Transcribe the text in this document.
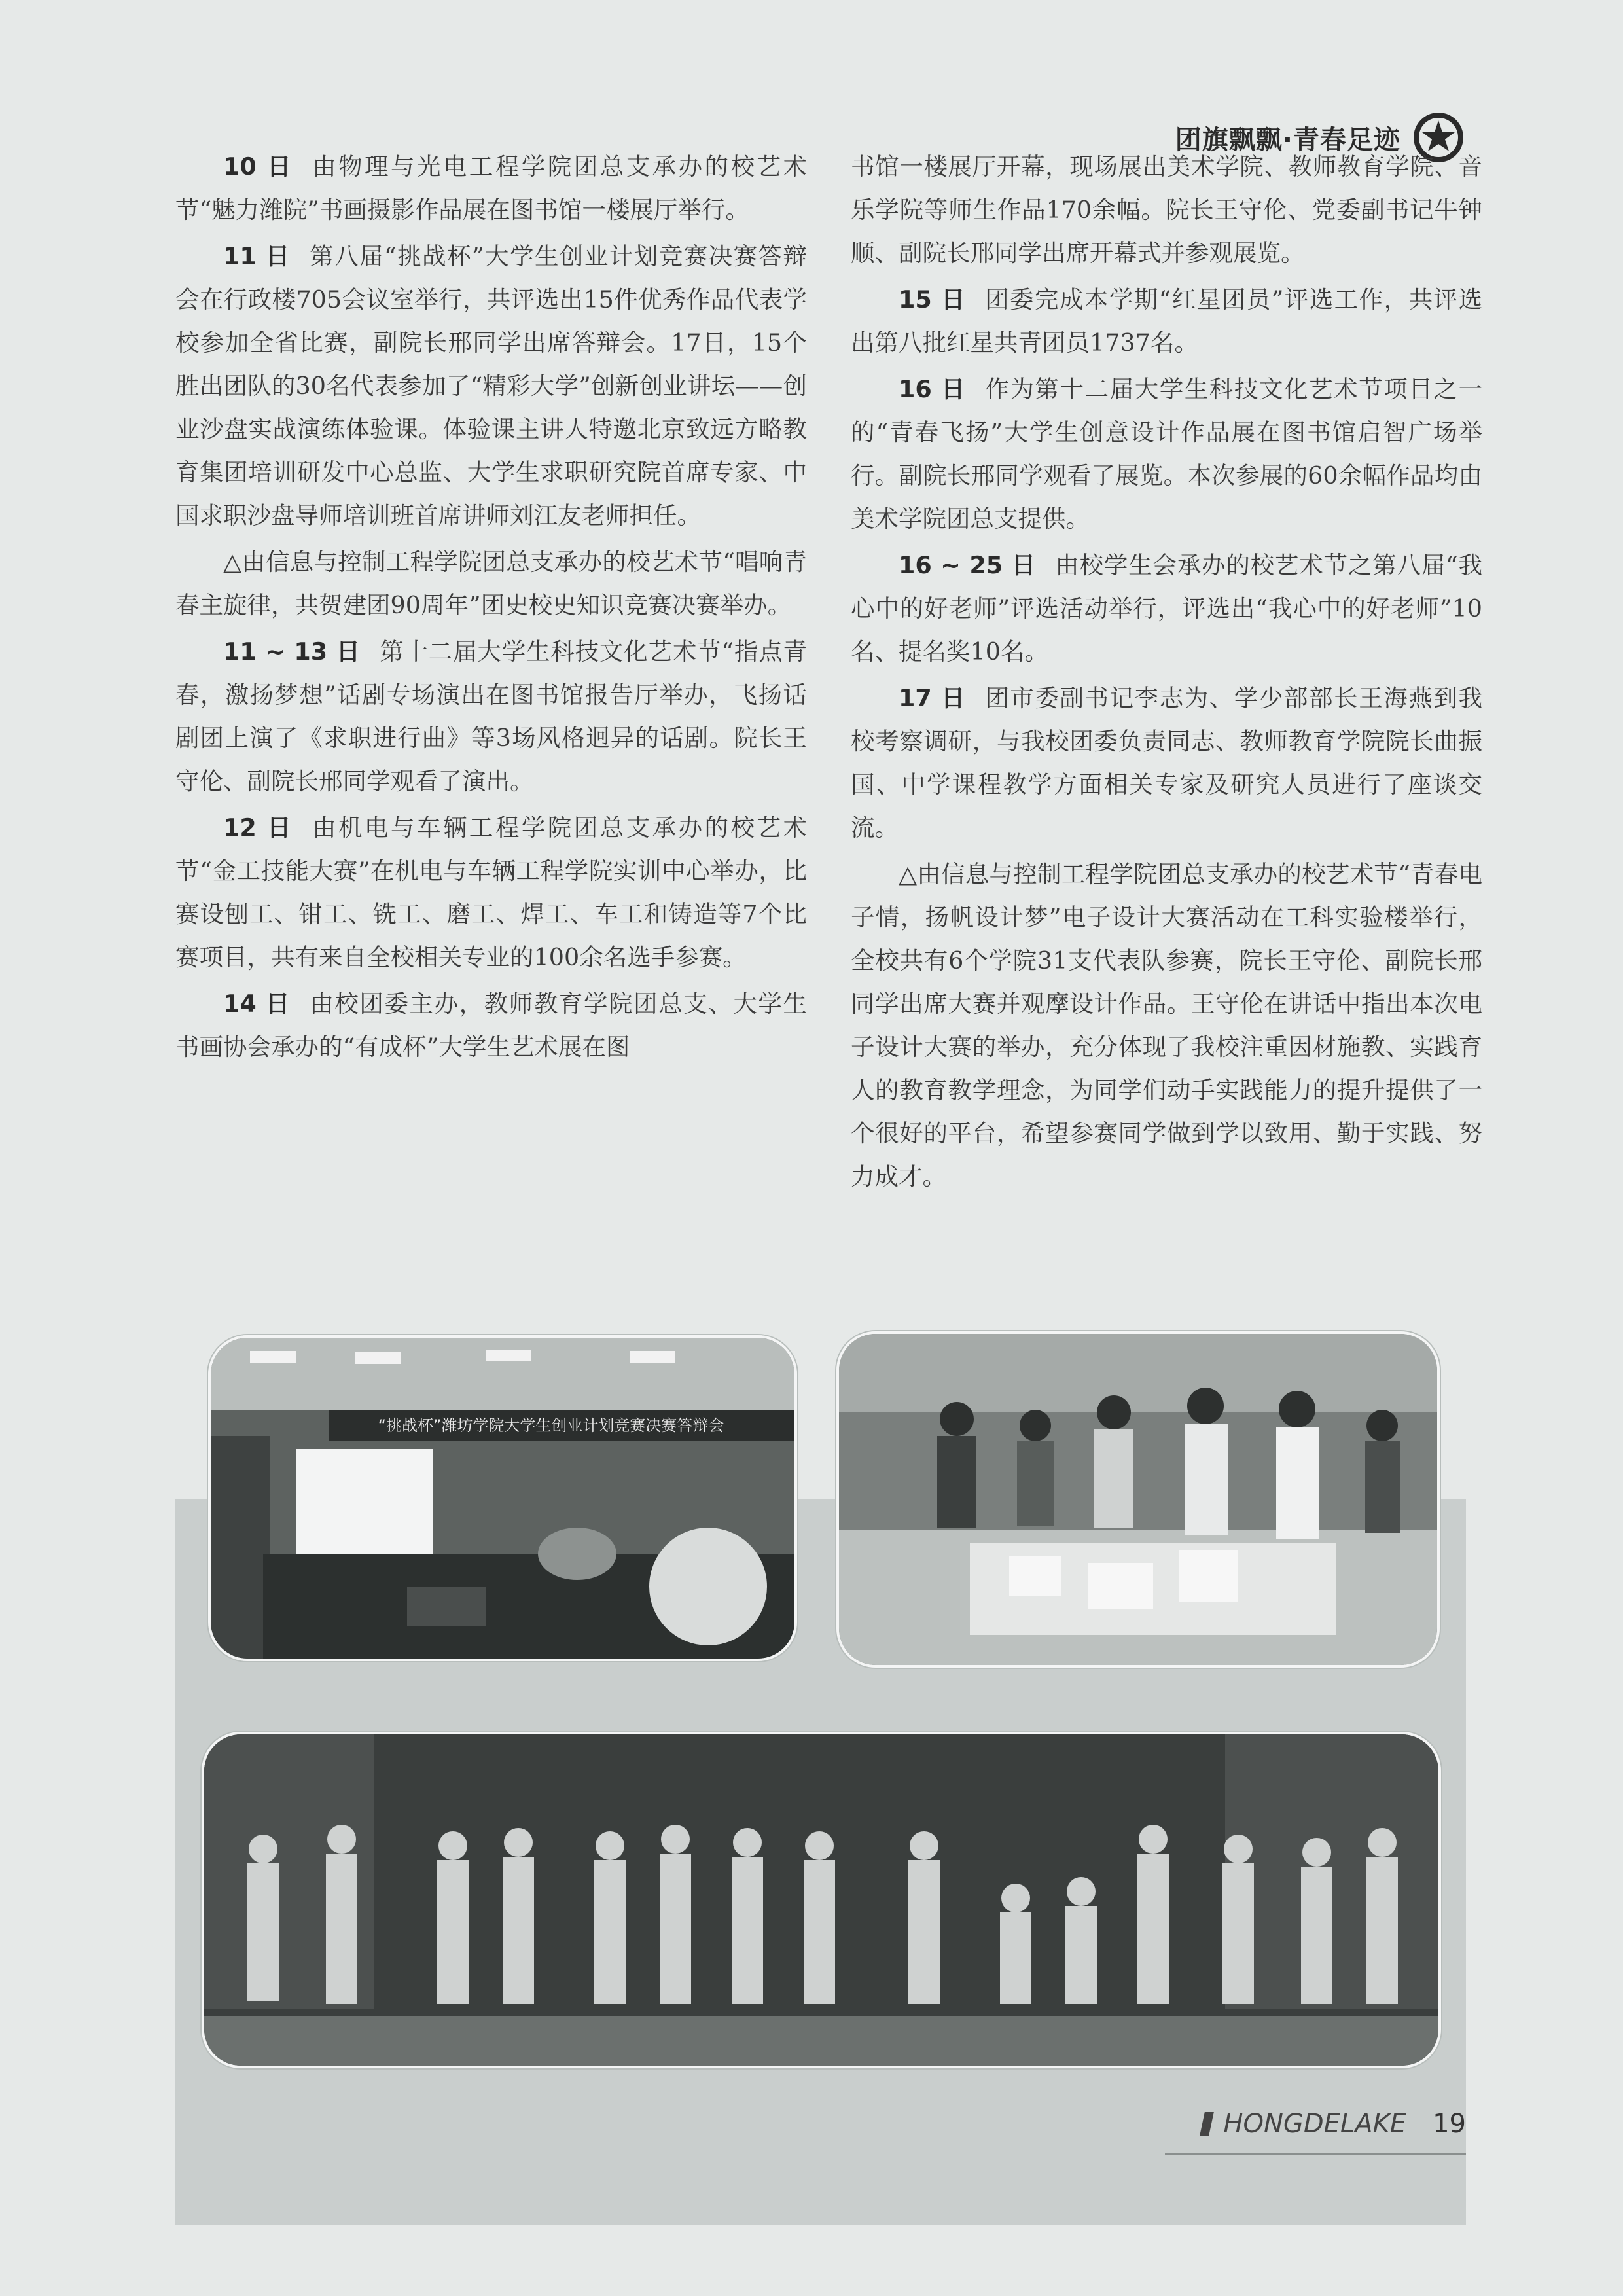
团旗飘飘·青春足迹

10 日 由物理与光电工程学院团总支承办的校艺术节“魅力潍院”书画摄影作品展在图书馆一楼展厅举行。

11 日 第八届“挑战杯”大学生创业计划竞赛决赛答辩会在行政楼705会议室举行，共评选出15件优秀作品代表学校参加全省比赛，副院长邢同学出席答辩会。17日，15个胜出团队的30名代表参加了“精彩大学”创新创业讲坛——创业沙盘实战演练体验课。体验课主讲人特邀北京致远方略教育集团培训研发中心总监、大学生求职研究院首席专家、中国求职沙盘导师培训班首席讲师刘江友老师担任。

△由信息与控制工程学院团总支承办的校艺术节“唱响青春主旋律，共贺建团90周年”团史校史知识竞赛决赛举办。

11 ~ 13 日 第十二届大学生科技文化艺术节“指点青春，激扬梦想”话剧专场演出在图书馆报告厅举办，飞扬话剧团上演了《求职进行曲》等3场风格迥异的话剧。院长王守伦、副院长邢同学观看了演出。

12 日 由机电与车辆工程学院团总支承办的校艺术节“金工技能大赛”在机电与车辆工程学院实训中心举办，比赛设刨工、钳工、铣工、磨工、焊工、车工和铸造等7个比赛项目，共有来自全校相关专业的100余名选手参赛。

14 日 由校团委主办，教师教育学院团总支、大学生书画协会承办的“有成杯”大学生艺术展在图

书馆一楼展厅开幕，现场展出美术学院、教师教育学院、音乐学院等师生作品170余幅。院长王守伦、党委副书记牛钟顺、副院长邢同学出席开幕式并参观展览。

15 日 团委完成本学期“红星团员”评选工作，共评选出第八批红星共青团员1737名。

16 日 作为第十二届大学生科技文化艺术节项目之一的“青春飞扬”大学生创意设计作品展在图书馆启智广场举行。副院长邢同学观看了展览。本次参展的60余幅作品均由美术学院团总支提供。

16 ~ 25 日 由校学生会承办的校艺术节之第八届“我心中的好老师”评选活动举行，评选出“我心中的好老师”10名、提名奖10名。

17 日 团市委副书记李志为、学少部部长王海燕到我校考察调研，与我校团委负责同志、教师教育学院院长曲振国、中学课程教学方面相关专家及研究人员进行了座谈交流。

△由信息与控制工程学院团总支承办的校艺术节“青春电子情，扬帆设计梦”电子设计大赛活动在工科实验楼举行，全校共有6个学院31支代表队参赛，院长王守伦、副院长邢同学出席大赛并观摩设计作品。王守伦在讲话中指出本次电子设计大赛的举办，充分体现了我校注重因材施教、实践育人的教育教学理念，为同学们动手实践能力的提升提供了一个很好的平台，希望参赛同学做到学以致用、勤于实践、努力成才。

“挑战杯”潍坊学院大学生创业计划竞赛决赛答辩会
HONGDELAKE 19
